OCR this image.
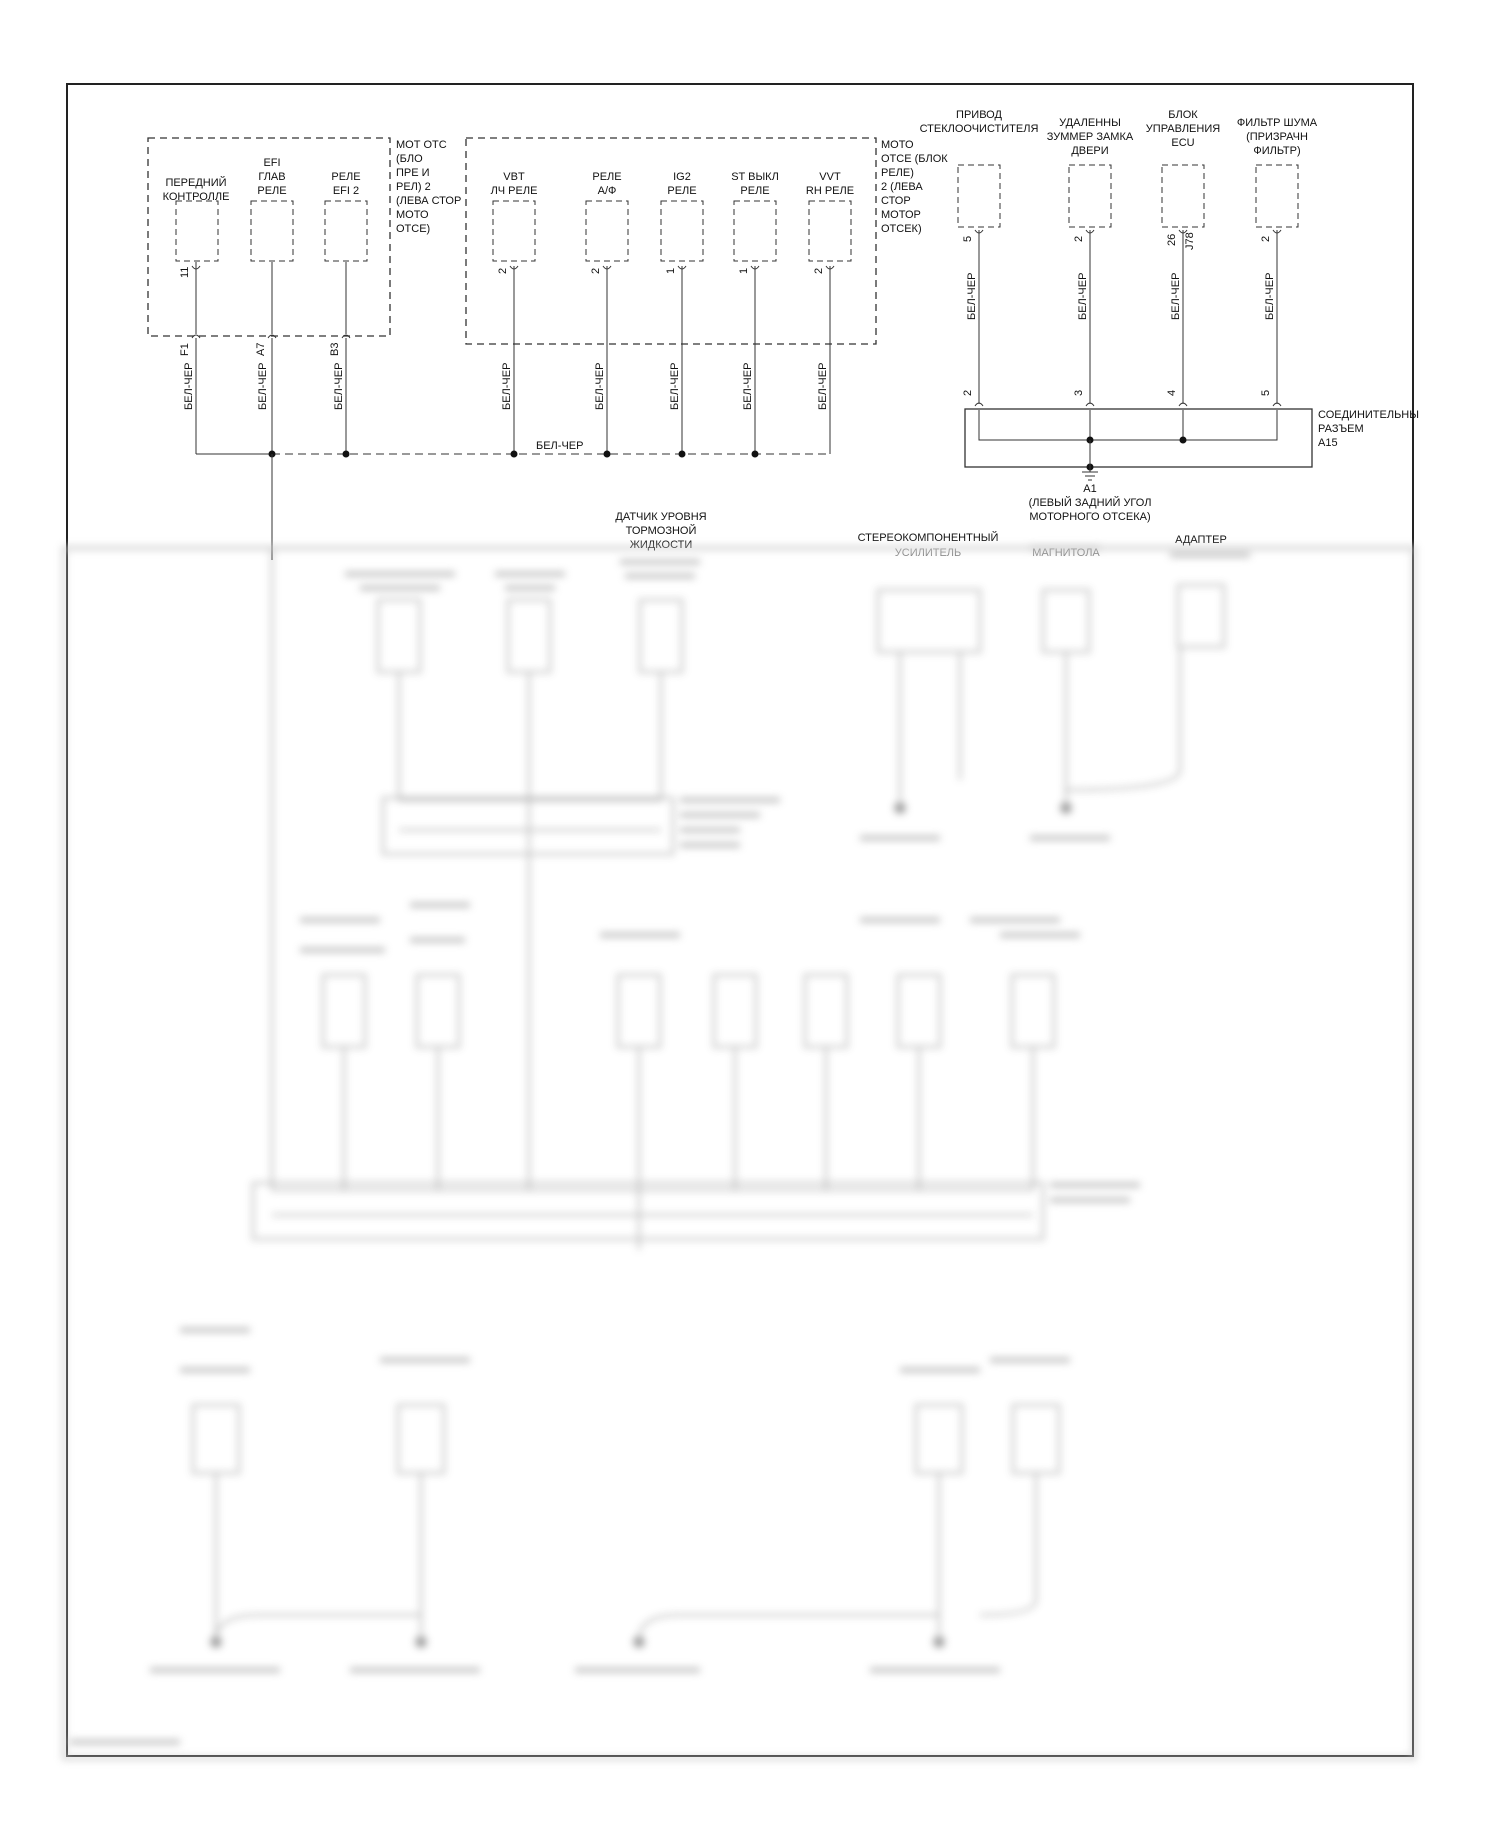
МОТ ОТС
(БЛО
ПРЕ И
РЕЛ) 2
(ЛЕВА СТОР
МОТО
ОТСЕ)
ПЕРЕДНИЙ
КОНТРОЛЛЕ
11
F1
БЕЛ-ЧЕР
EFI
ГЛАВ
РЕЛЕ
A7
БЕЛ-ЧЕР
РЕЛЕ
EFI 2
B3
БЕЛ-ЧЕР
МОТО
ОТСЕ (БЛОК
РЕЛЕ)
2 (ЛЕВА
СТОР
МОТОР
ОТСЕК)
VBT
ЛЧ РЕЛЕ
2
БЕЛ-ЧЕР
РЕЛЕ
А/Ф
2
БЕЛ-ЧЕР
IG2
РЕЛЕ
1
БЕЛ-ЧЕР
ST ВЫКЛ
РЕЛЕ
1
БЕЛ-ЧЕР
VVT
RH РЕЛЕ
2
БЕЛ-ЧЕР
БЕЛ-ЧЕР
ПРИВОД
СТЕКЛООЧИСТИТЕЛЯ
5
БЕЛ-ЧЕР
2
УДАЛЕННЫ
ЗУММЕР ЗАМКА
ДВЕРИ
2
БЕЛ-ЧЕР
3
БЛОК
УПРАВЛЕНИЯ
ECU
26 J78
БЕЛ-ЧЕР
4
ФИЛЬТР ШУМА
(ПРИЗРАЧН
ФИЛЬТР)
2
БЕЛ-ЧЕР
5
СОЕДИНИТЕЛЬНЫ
РАЗЪЕМ
A15
A1
(ЛЕВЫЙ ЗАДНИЙ УГОЛ
МОТОРНОГО ОТСЕКА)
ДАТЧИК УРОВНЯ
ТОРМОЗНОЙ
ЖИДКОСТИ
СТЕРЕОКОМПОНЕНТНЫЙ
УСИЛИТЕЛЬ	МАГНИТОЛА
АДАПТЕР
